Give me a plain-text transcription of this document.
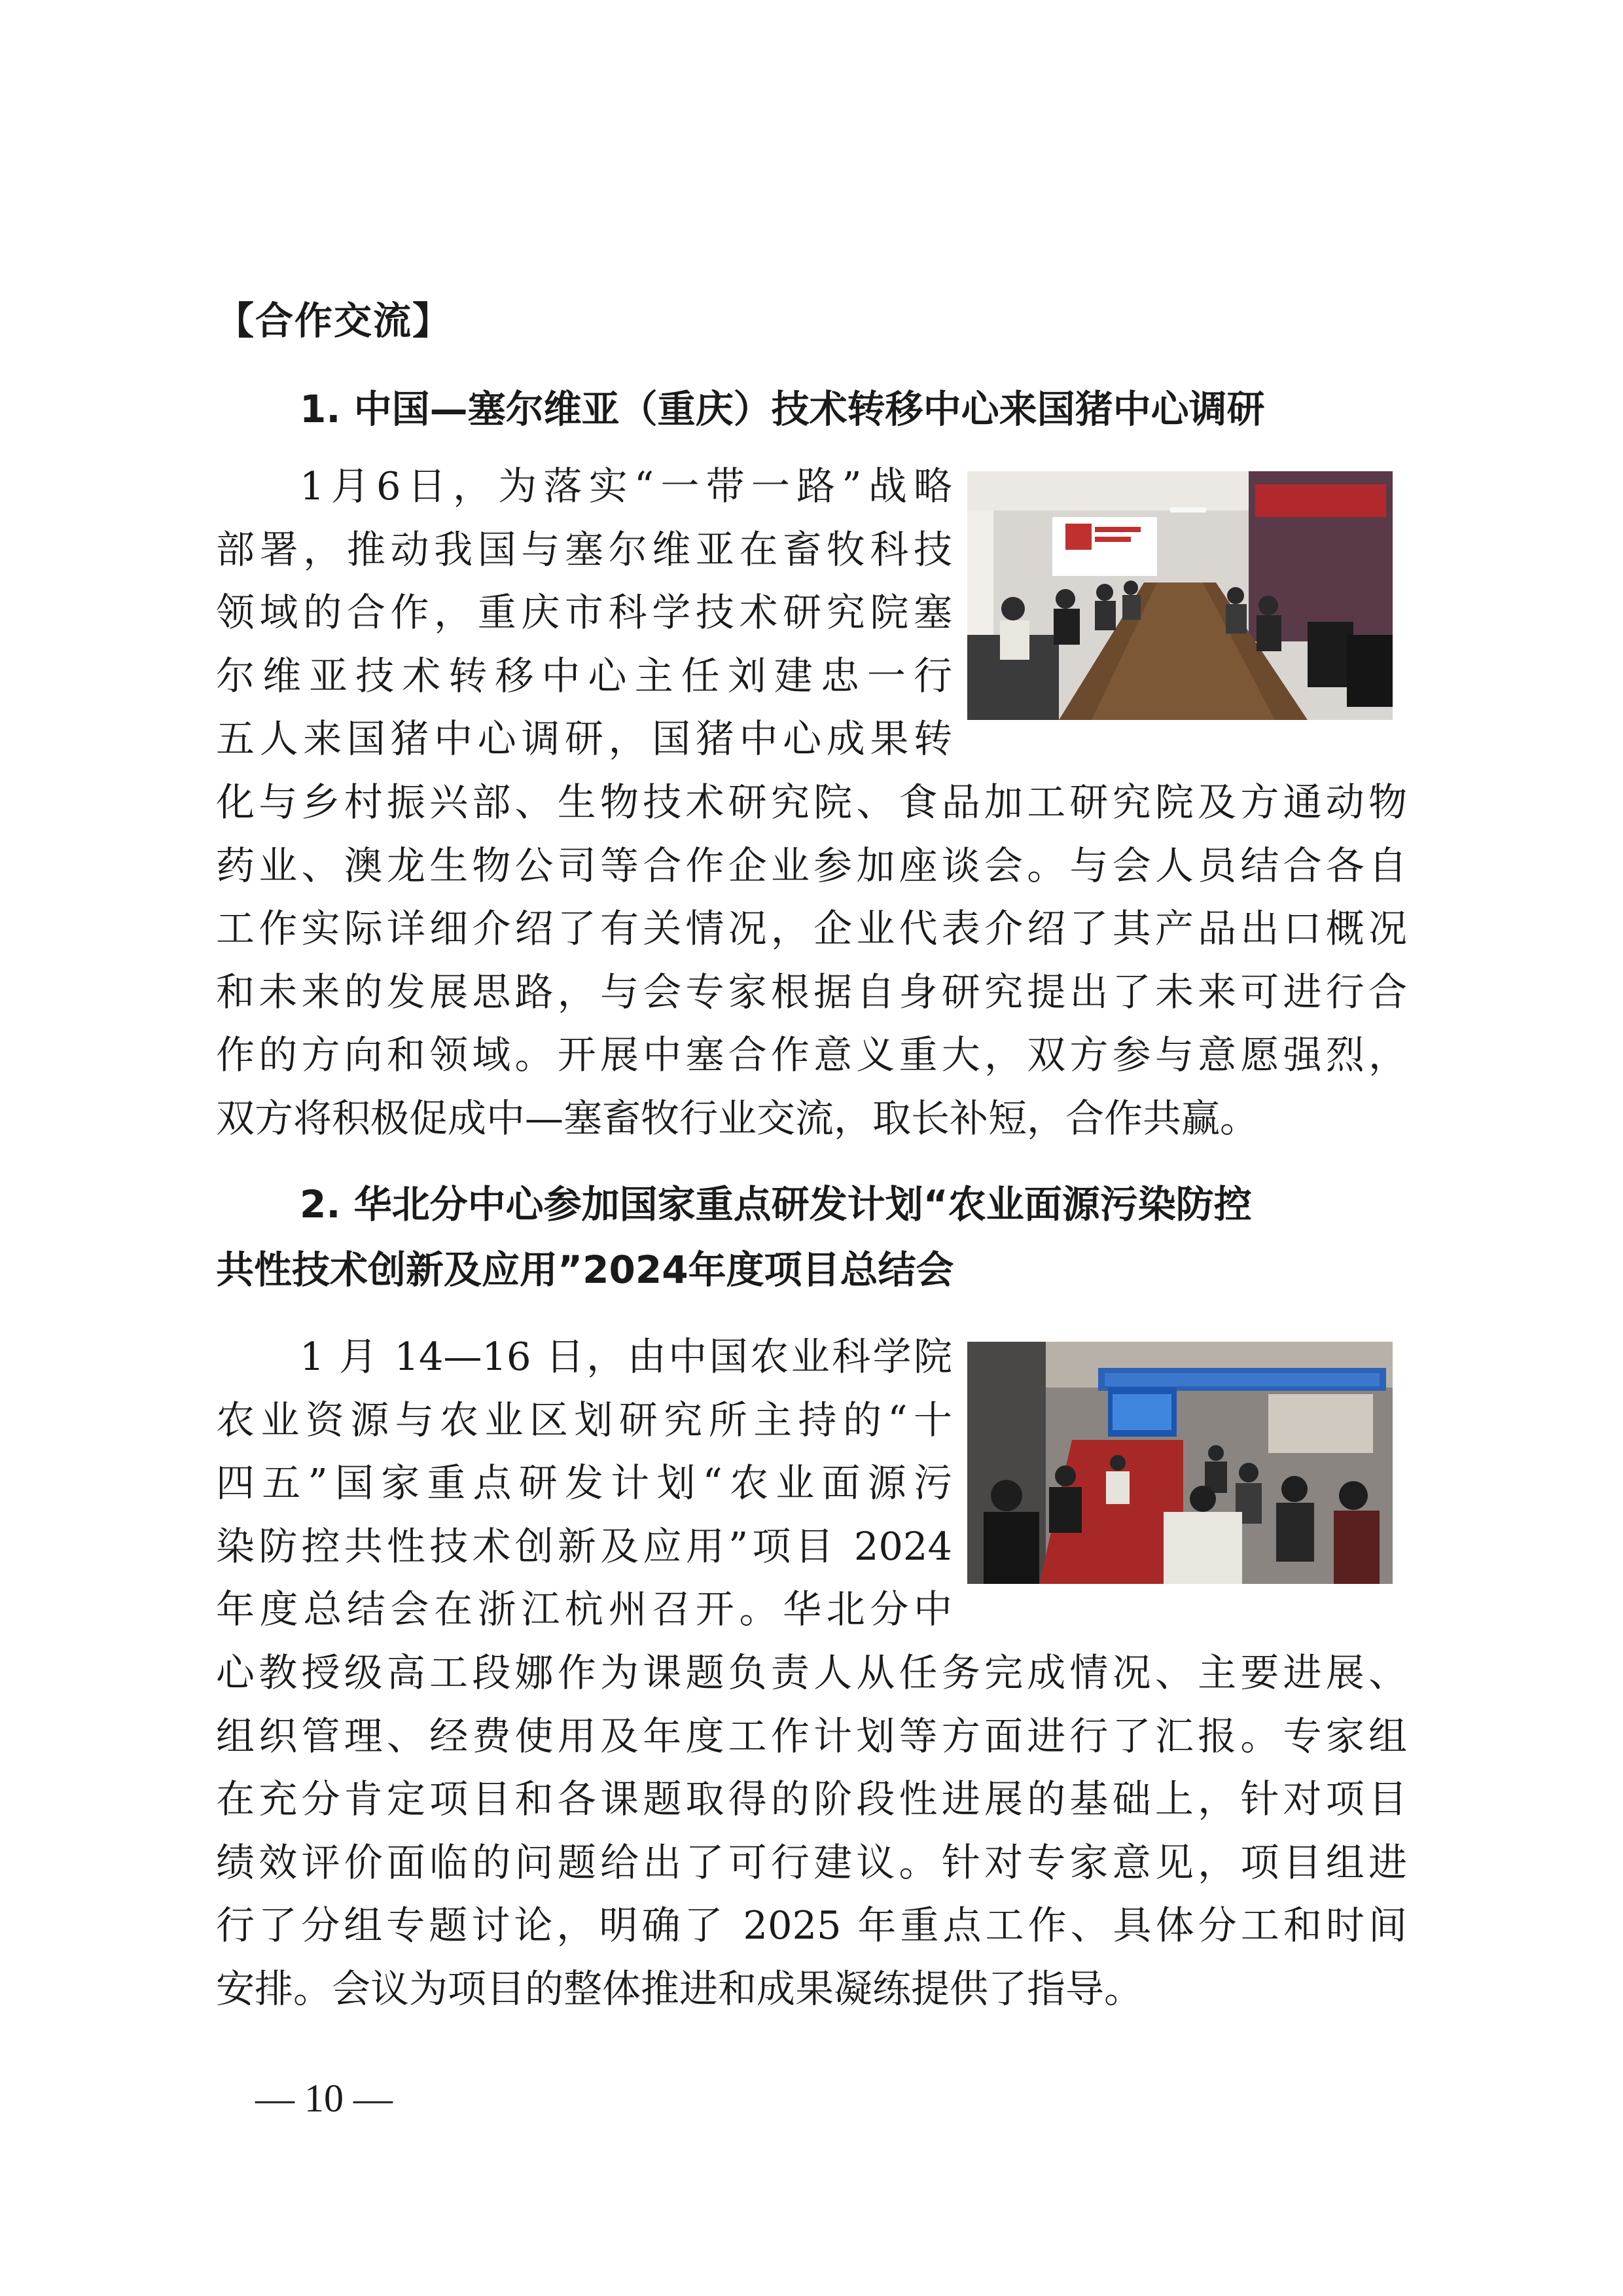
【合作交流】
1. 中国—塞尔维亚（重庆）技术转移中心来国猪中心调研
1月6日，为落实“一带一路”战略
部署，推动我国与塞尔维亚在畜牧科技
领域的合作，重庆市科学技术研究院塞
尔维亚技术转移中心主任刘建忠一行
五人来国猪中心调研，国猪中心成果转
化与乡村振兴部、生物技术研究院、食品加工研究院及方通动物
药业、澳龙生物公司等合作企业参加座谈会。与会人员结合各自
工作实际详细介绍了有关情况，企业代表介绍了其产品出口概况
和未来的发展思路，与会专家根据自身研究提出了未来可进行合
作的方向和领域。开展中塞合作意义重大，双方参与意愿强烈，
双方将积极促成中—塞畜牧行业交流，取长补短，合作共赢。
2. 华北分中心参加国家重点研发计划“农业面源污染防控
共性技术创新及应用”2024年度项目总结会
1 月 14—16 日，由中国农业科学院
农业资源与农业区划研究所主持的“十
四五”国家重点研发计划“农业面源污
染防控共性技术创新及应用”项目 2024
年度总结会在浙江杭州召开。华北分中
心教授级高工段娜作为课题负责人从任务完成情况、主要进展、
组织管理、经费使用及年度工作计划等方面进行了汇报。专家组
在充分肯定项目和各课题取得的阶段性进展的基础上，针对项目
绩效评价面临的问题给出了可行建议。针对专家意见，项目组进
行了分组专题讨论，明确了 2025 年重点工作、具体分工和时间
安排。会议为项目的整体推进和成果凝练提供了指导。
— 10 —
